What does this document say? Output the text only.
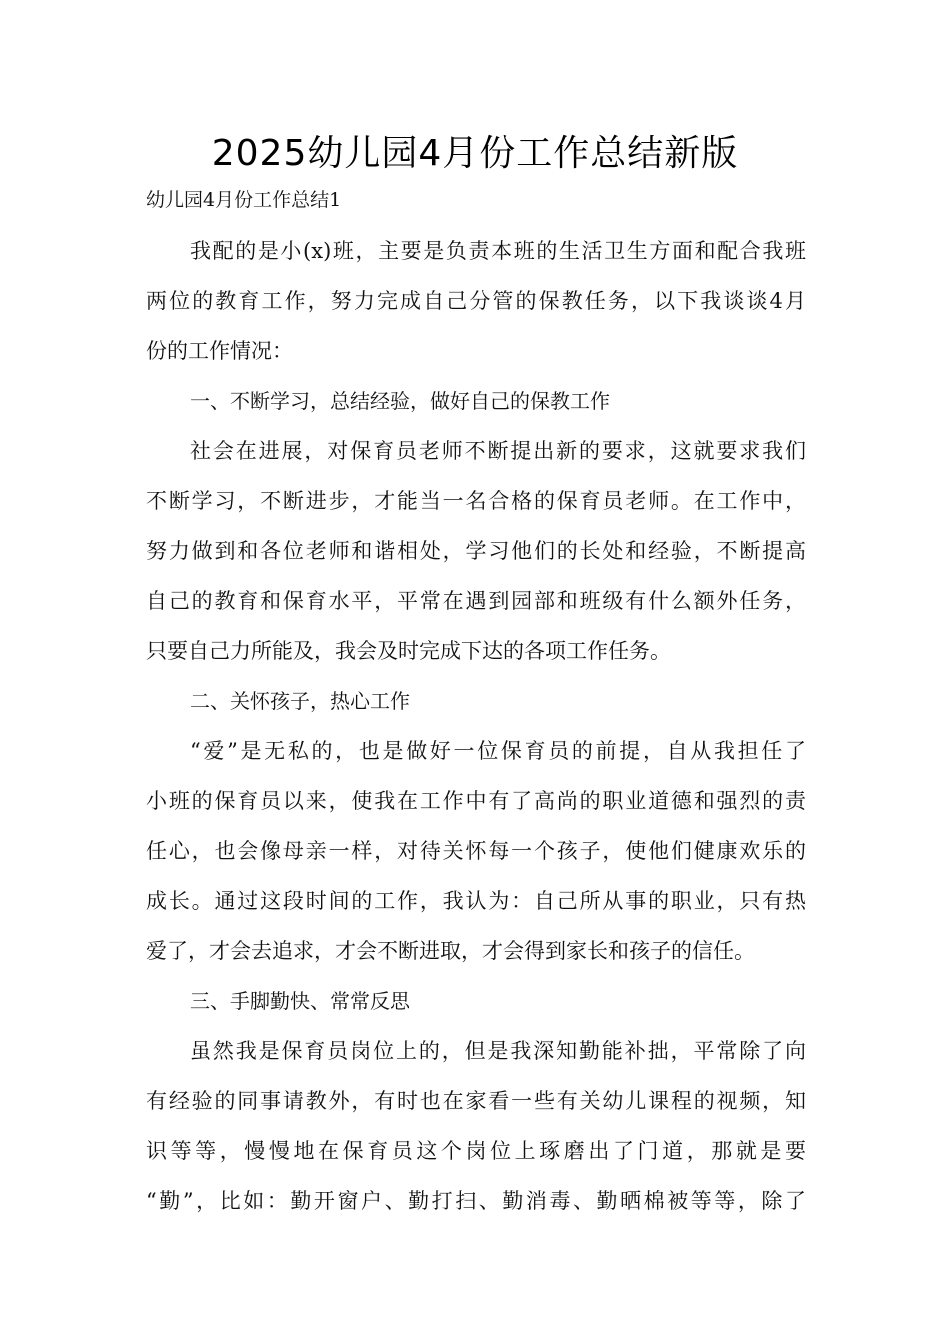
2025幼儿园4月份工作总结新版
幼儿园4月份工作总结1
我配的是小(x)班，主要是负责本班的生活卫生方面和配合我班
两位的教育工作，努力完成自己分管的保教任务，以下我谈谈4月
份的工作情况：
一、不断学习，总结经验，做好自己的保教工作
社会在进展，对保育员老师不断提出新的要求，这就要求我们
不断学习，不断进步，才能当一名合格的保育员老师。在工作中，
努力做到和各位老师和谐相处，学习他们的长处和经验，不断提高
自己的教育和保育水平，平常在遇到园部和班级有什么额外任务，
只要自己力所能及，我会及时完成下达的各项工作任务。
二、关怀孩子，热心工作
“爱”是无私的，也是做好一位保育员的前提，自从我担任了
小班的保育员以来，使我在工作中有了高尚的职业道德和强烈的责
任心，也会像母亲一样，对待关怀每一个孩子，使他们健康欢乐的
成长。通过这段时间的工作，我认为：自己所从事的职业，只有热
爱了，才会去追求，才会不断进取，才会得到家长和孩子的信任。
三、手脚勤快、常常反思
虽然我是保育员岗位上的，但是我深知勤能补拙，平常除了向
有经验的同事请教外，有时也在家看一些有关幼儿课程的视频，知
识等等，慢慢地在保育员这个岗位上琢磨出了门道，那就是要
“勤”，比如：勤开窗户、勤打扫、勤消毒、勤晒棉被等等，除了
